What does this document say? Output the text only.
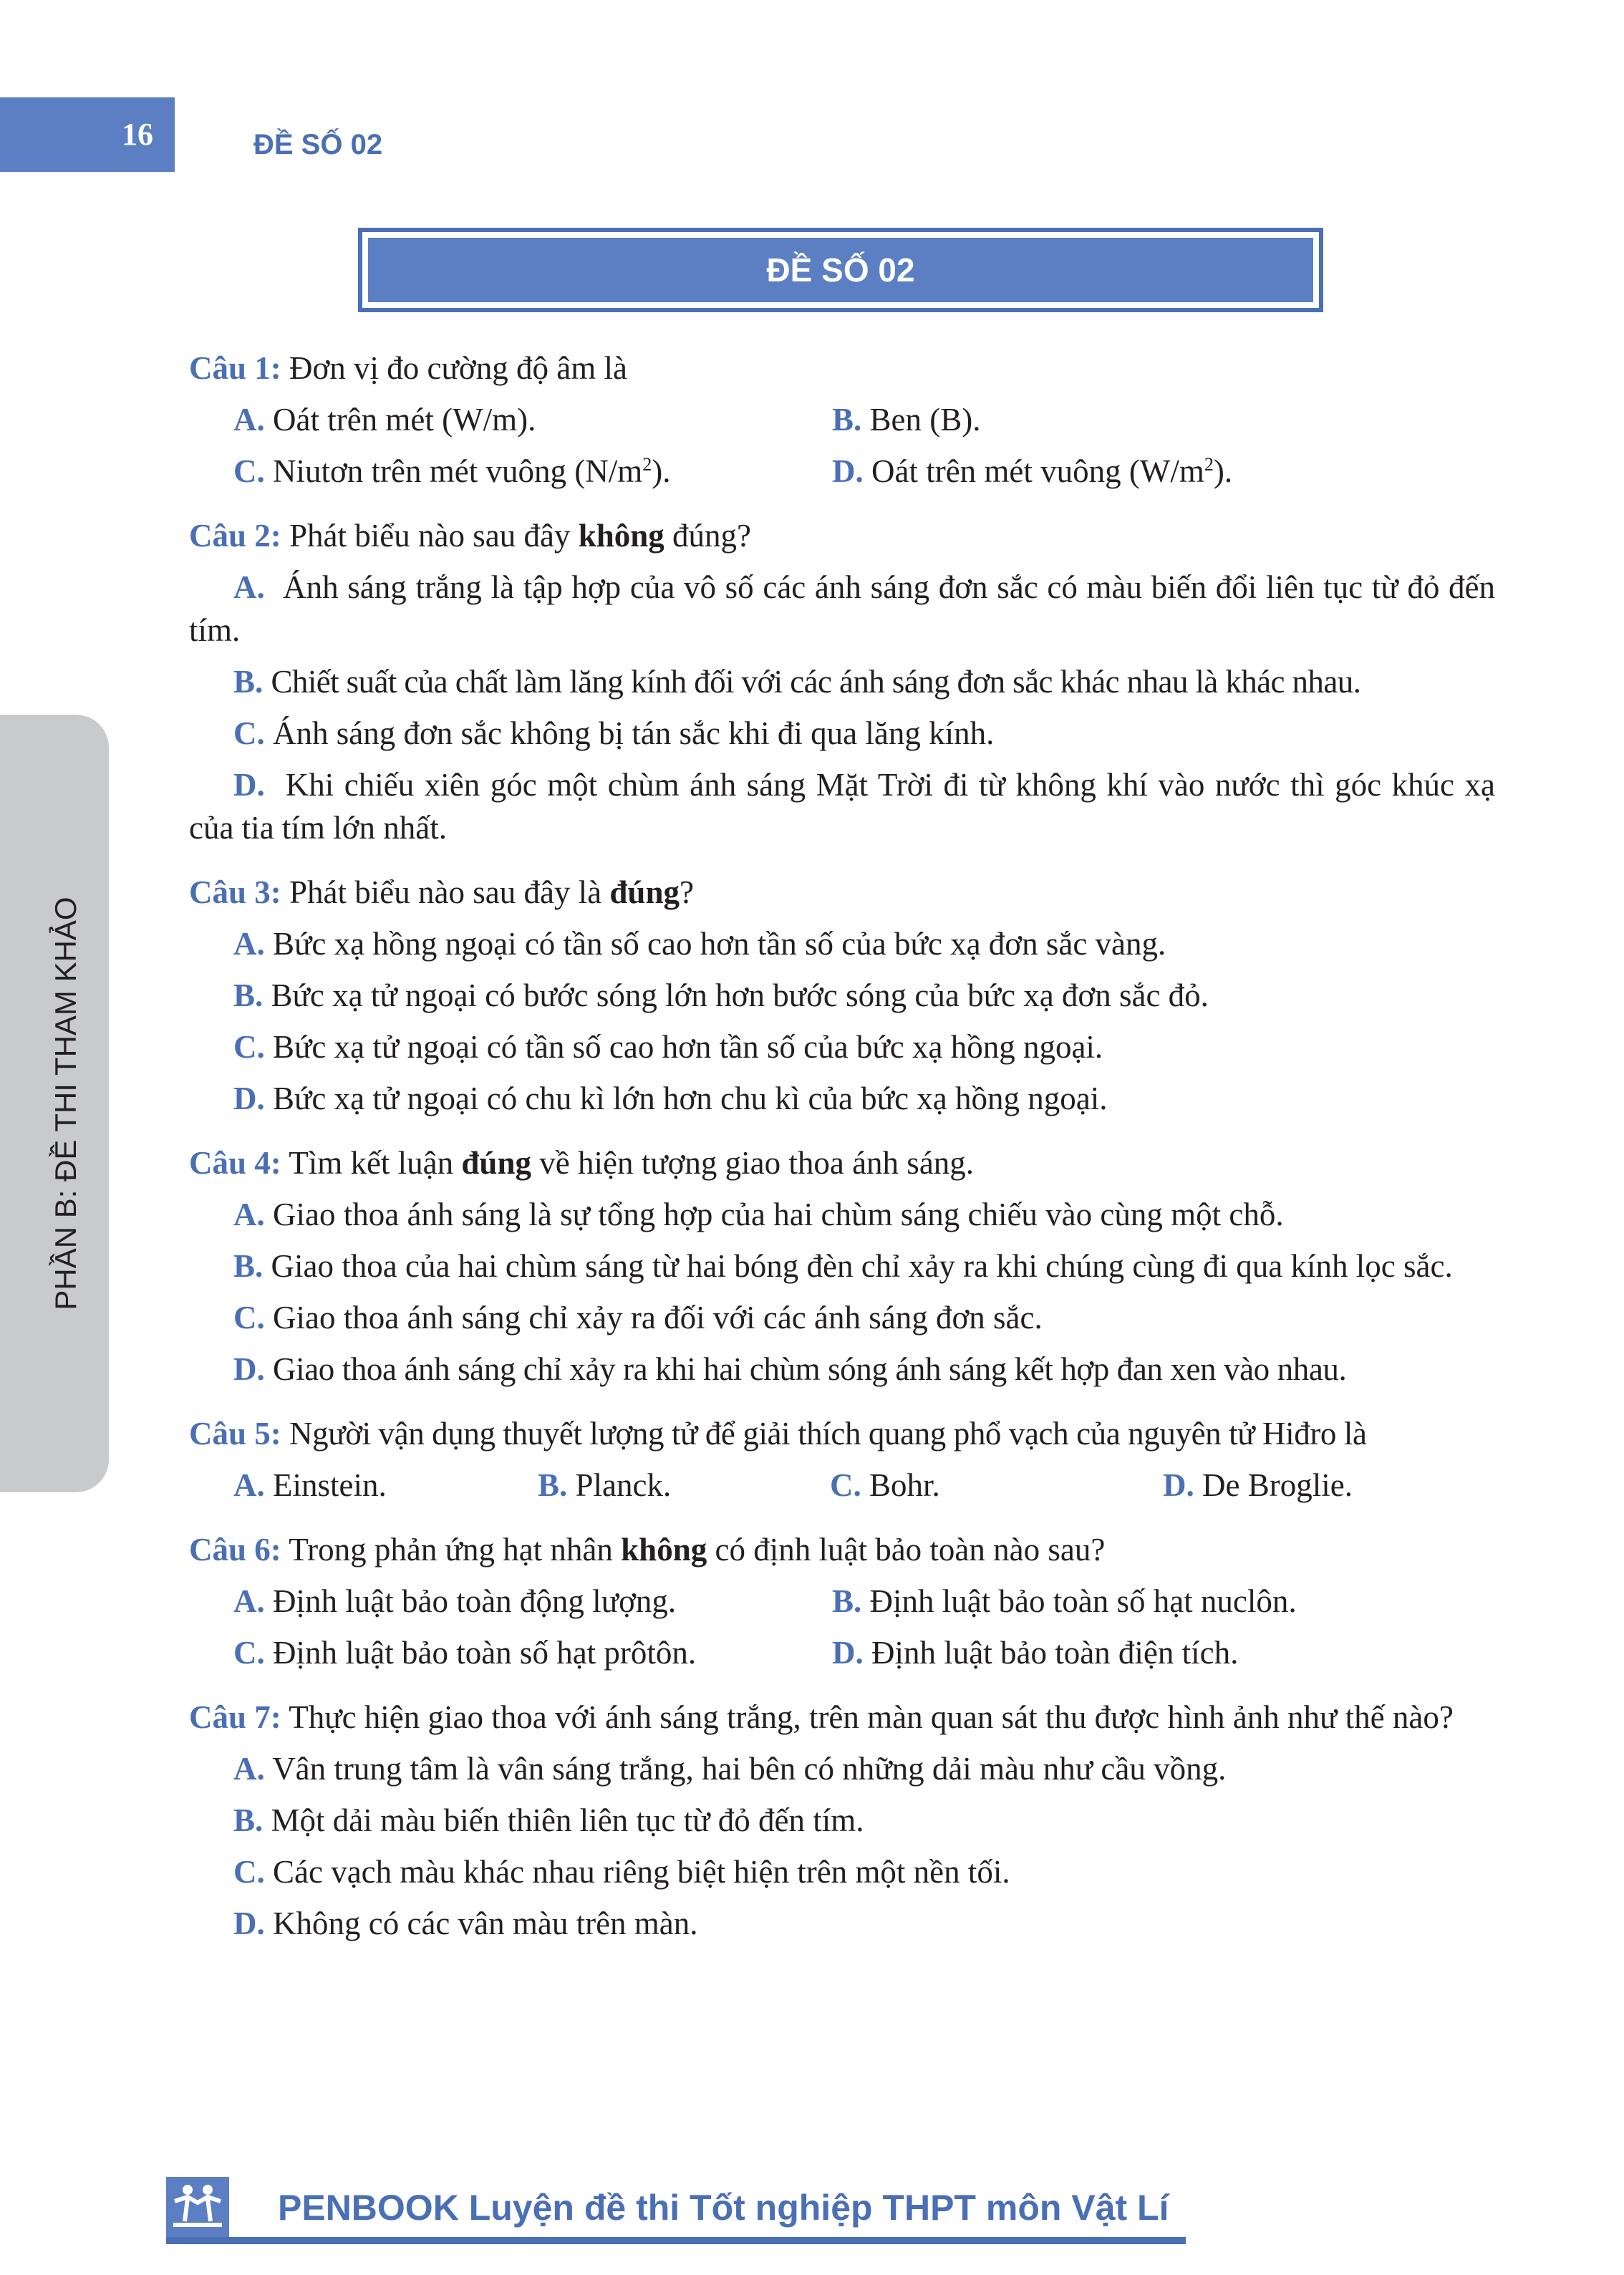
16	ĐỀ SỐ 02
PHẦN B: ĐỀ THI THAM KHẢO
ĐỀ SỐ 02
Câu 1: Đơn vị đo cường độ âm là
A. Oát trên mét (W/m).	B. Ben (B).
C. Niutơn trên mét vuông $(N/m^2)$.	D. Oát trên mét vuông $(W/m^2)$.
Câu 2: Phát biểu nào sau đây không đúng?
A. Ánh sáng trắng là tập hợp của vô số các ánh sáng đơn sắc có màu biến đổi liên tục từ đỏ đến tím.
B. Chiết suất của chất làm lăng kính đối với các ánh sáng đơn sắc khác nhau là khác nhau.
C. Ánh sáng đơn sắc không bị tán sắc khi đi qua lăng kính.
D. Khi chiếu xiên góc một chùm ánh sáng Mặt Trời đi từ không khí vào nước thì góc khúc xạ của tia tím lớn nhất.
Câu 3: Phát biểu nào sau đây là đúng?
A. Bức xạ hồng ngoại có tần số cao hơn tần số của bức xạ đơn sắc vàng.
B. Bức xạ tử ngoại có bước sóng lớn hơn bước sóng của bức xạ đơn sắc đỏ.
C. Bức xạ tử ngoại có tần số cao hơn tần số của bức xạ hồng ngoại.
D. Bức xạ tử ngoại có chu kì lớn hơn chu kì của bức xạ hồng ngoại.
Câu 4: Tìm kết luận đúng về hiện tượng giao thoa ánh sáng.
A. Giao thoa ánh sáng là sự tổng hợp của hai chùm sáng chiếu vào cùng một chỗ.
B. Giao thoa của hai chùm sáng từ hai bóng đèn chỉ xảy ra khi chúng cùng đi qua kính lọc sắc.
C. Giao thoa ánh sáng chỉ xảy ra đối với các ánh sáng đơn sắc.
D. Giao thoa ánh sáng chỉ xảy ra khi hai chùm sóng ánh sáng kết hợp đan xen vào nhau.
Câu 5: Người vận dụng thuyết lượng tử để giải thích quang phổ vạch của nguyên tử Hiđro là
A. Einstein.	B. Planck.	C. Bohr.	D. De Broglie.
Câu 6: Trong phản ứng hạt nhân không có định luật bảo toàn nào sau?
A. Định luật bảo toàn động lượng.	B. Định luật bảo toàn số hạt nuclôn.
C. Định luật bảo toàn số hạt prôtôn.	D. Định luật bảo toàn điện tích.
Câu 7: Thực hiện giao thoa với ánh sáng trắng, trên màn quan sát thu được hình ảnh như thế nào?
A. Vân trung tâm là vân sáng trắng, hai bên có những dải màu như cầu vồng.
B. Một dải màu biến thiên liên tục từ đỏ đến tím.
C. Các vạch màu khác nhau riêng biệt hiện trên một nền tối.
D. Không có các vân màu trên màn.
PENBOOK Luyện đề thi Tốt nghiệp THPT môn Vật Lí
